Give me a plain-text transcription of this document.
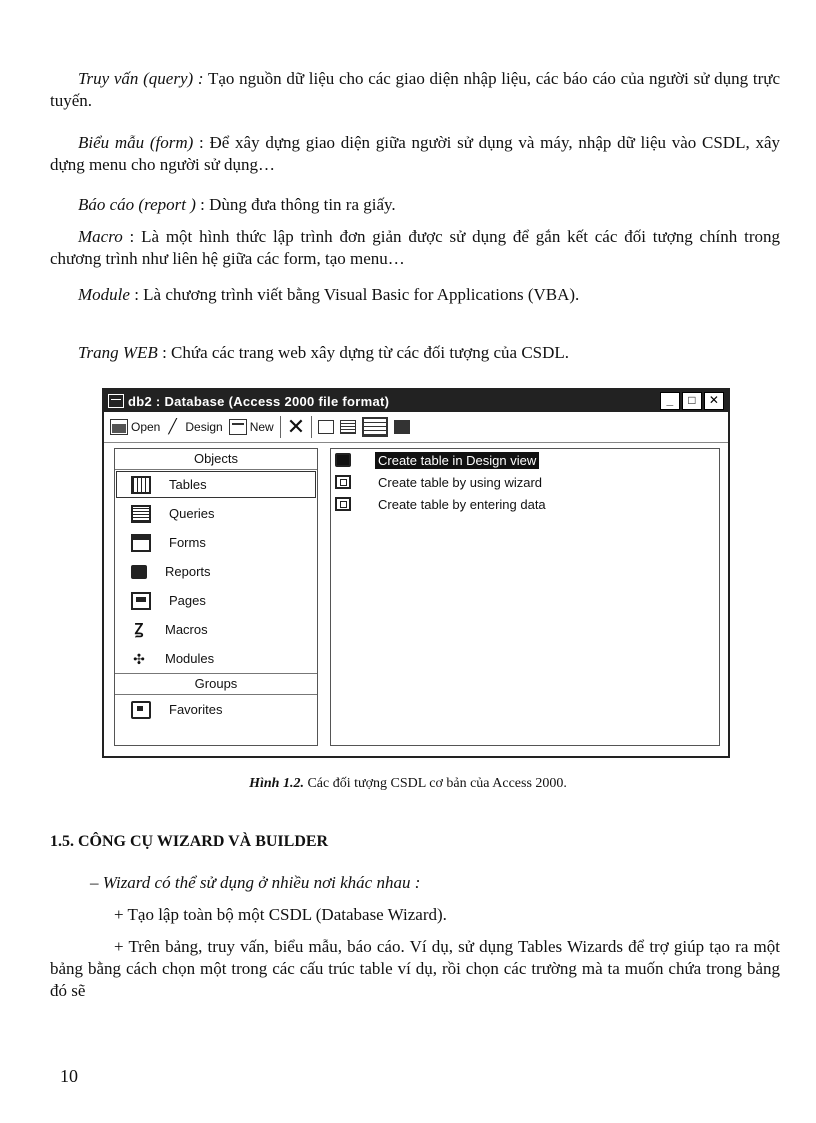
Truy vấn (query) : Tạo nguồn dữ liệu cho các giao diện nhập liệu, các báo cáo của người sử dụng trực tuyến.

Biểu mẫu (form) : Để xây dựng giao diện giữa người sử dụng và máy, nhập dữ liệu vào CSDL, xây dựng menu cho người sử dụng…

Báo cáo (report ) : Dùng đưa thông tin ra giấy.

Macro : Là một hình thức lập trình đơn giản được sử dụng để gắn kết các đối tượng chính trong chương trình như liên hệ giữa các form, tạo menu…

Module : Là chương trình viết bằng Visual Basic for Applications (VBA).

Trang WEB : Chứa các trang web xây dựng từ các đối tượng của CSDL.

db2 : Database (Access 2000 file format)	_	□	✕
Open
╱ Design New ✕
Objects
Tables
Queries
Forms
Reports
Pages
Ꙁ Macros
✣ Modules
Groups
Favorites
Create table in Design view
Create table by using wizard
Create table by entering data
Hình 1.2. Các đối tượng CSDL cơ bản của Access 2000.
1.5. CÔNG CỤ WIZARD VÀ BUILDER

– Wizard có thể sử dụng ở nhiều nơi khác nhau :

+ Tạo lập toàn bộ một CSDL (Database Wizard).

+ Trên bảng, truy vấn, biểu mẫu, báo cáo. Ví dụ, sử dụng Tables Wizards để trợ giúp tạo ra một bảng bằng cách chọn một trong các cấu trúc table ví dụ, rồi chọn các trường mà ta muốn chứa trong bảng đó sẽ

10
